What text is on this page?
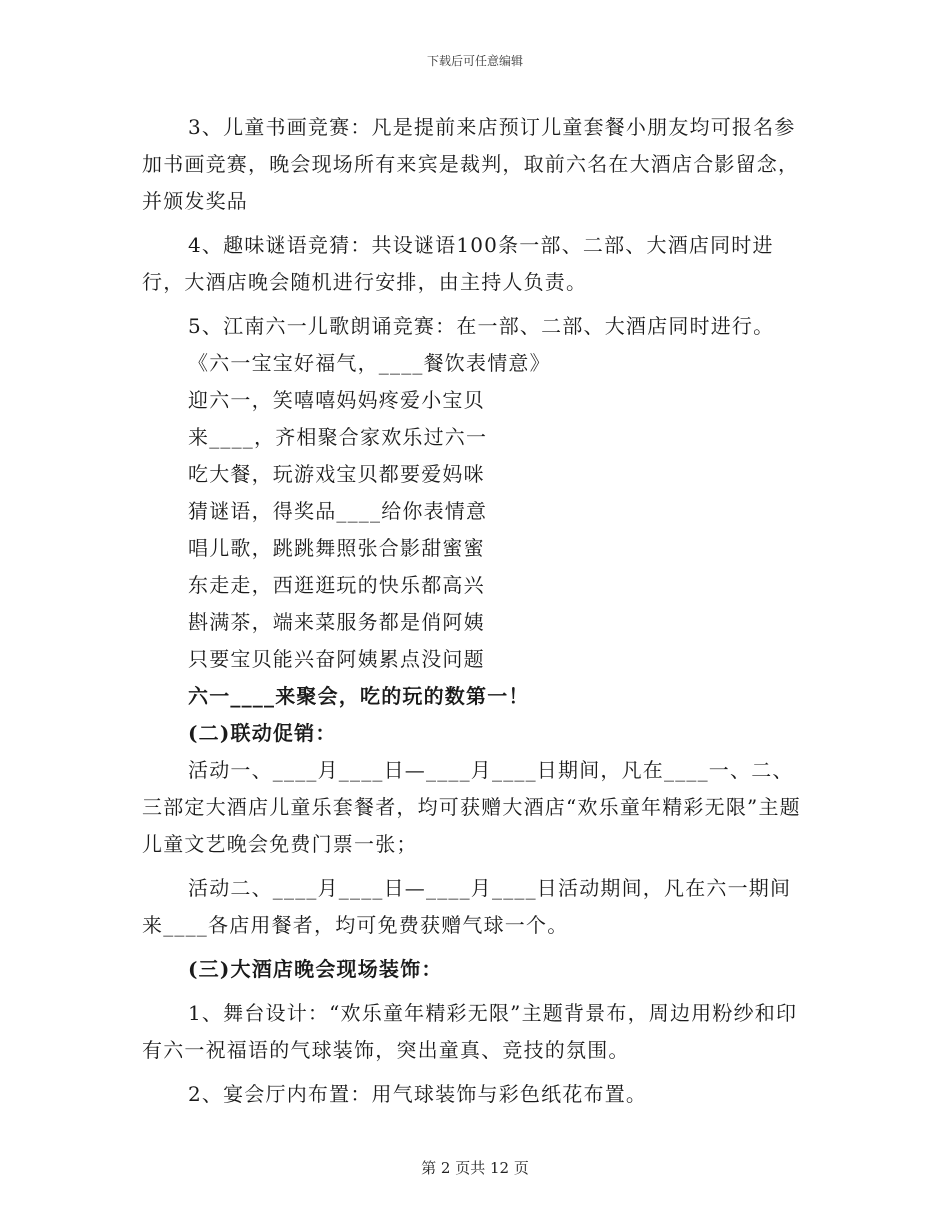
下载后可任意编辑

3、儿童书画竞赛：凡是提前来店预订儿童套餐小朋友均可报名参加书画竞赛，晚会现场所有来宾是裁判，取前六名在大酒店合影留念，并颁发奖品

4、趣味谜语竞猜：共设谜语100条一部、二部、大酒店同时进行，大酒店晚会随机进行安排，由主持人负责。

5、江南六一儿歌朗诵竞赛：在一部、二部、大酒店同时进行。

《六一宝宝好福气，____餐饮表情意》

迎六一，笑嘻嘻妈妈疼爱小宝贝

来____，齐相聚合家欢乐过六一

吃大餐，玩游戏宝贝都要爱妈咪

猜谜语，得奖品____给你表情意

唱儿歌，跳跳舞照张合影甜蜜蜜

东走走，西逛逛玩的快乐都高兴

斟满茶，端来菜服务都是俏阿姨

只要宝贝能兴奋阿姨累点没问题

六一____来聚会，吃的玩的数第一！

(二)联动促销：

活动一、____月____日—____月____日期间，凡在____一、二、三部定大酒店儿童乐套餐者，均可获赠大酒店“欢乐童年精彩无限”主题儿童文艺晚会免费门票一张；

活动二、____月____日—____月____日活动期间，凡在六一期间来____各店用餐者，均可免费获赠气球一个。

(三)大酒店晚会现场装饰：

1、舞台设计：“欢乐童年精彩无限”主题背景布，周边用粉纱和印有六一祝福语的气球装饰，突出童真、竞技的氛围。

2、宴会厅内布置：用气球装饰与彩色纸花布置。

第 2 页共 12 页
